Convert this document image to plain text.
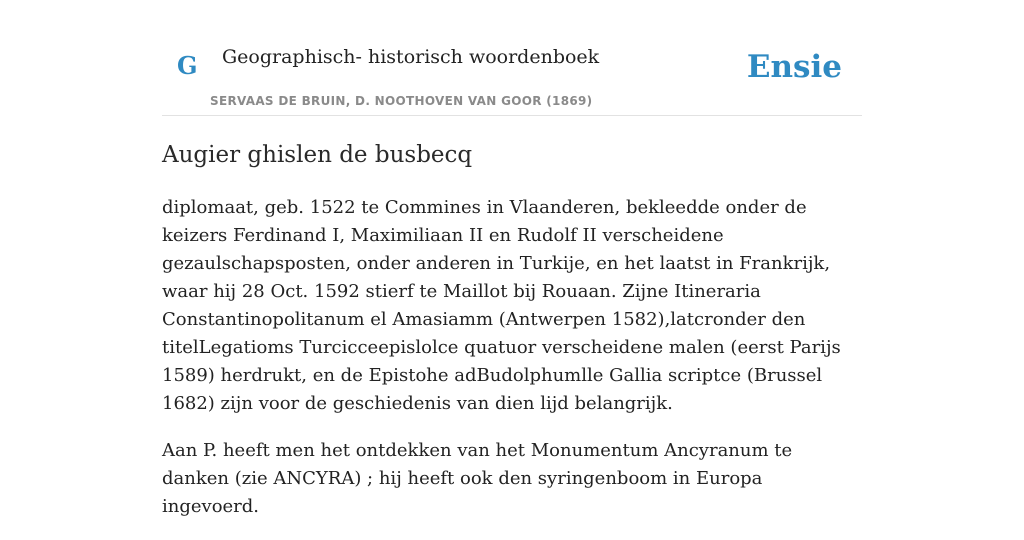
G Geographisch- historisch woordenboek
SERVAAS DE BRUIN, D. NOOTHOVEN VAN GOOR (1869)
Ensie
Augier ghislen de busbecq

diplomaat, geb. 1522 te Commines in Vlaanderen, bekleedde onder de keizers Ferdinand I, Maximiliaan II en Rudolf II verscheidene gezaulschapsposten, onder anderen in Turkije, en het laatst in Frankrijk, waar hij 28 Oct. 1592 stierf te Maillot bij Rouaan. Zijne Itineraria Constantinopolitanum el Amasiamm (Antwerpen 1582),latcronder den titelLegatioms Turcicceepislolce quatuor verscheidene malen (eerst Parijs 1589) herdrukt, en de Epistohe adBudolphumlle Gallia scriptce (Brussel 1682) zijn voor de geschiedenis van dien lijd belangrijk.

Aan P. heeft men het ontdekken van het Monumentum Ancyranum te danken (zie ANCYRA) ; hij heeft ook den syringenboom in Europa ingevoerd.
